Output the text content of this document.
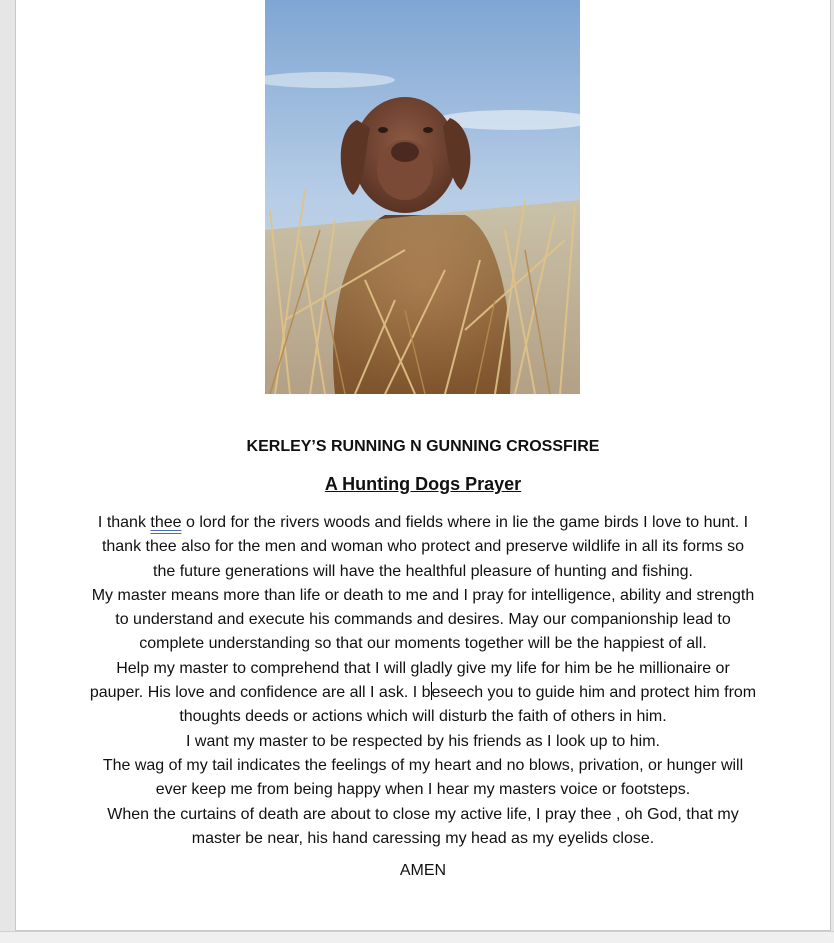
KERLEY’S RUNNING N GUNNING CROSSFIRE
A Hunting Dogs Prayer
I thank thee o lord for the rivers woods and fields where in lie the game birds I love to hunt. I
thank thee also for the men and woman who protect and preserve wildlife in all its forms so
the future generations will have the healthful pleasure of hunting and fishing.
My master means more than life or death to me and I pray for intelligence, ability and strength
to understand and execute his commands and desires. May our companionship lead to
complete understanding so that our moments together will be the happiest of all.
Help my master to comprehend that I will gladly give my life for him be he millionaire or
pauper. His love and confidence are all I ask. I beseech you to guide him and protect him from
thoughts deeds or actions which will disturb the faith of others in him.
I want my master to be respected by his friends as I look up to him.
The wag of my tail indicates the feelings of my heart and no blows, privation, or hunger will
ever keep me from being happy when I hear my masters voice or footsteps.
When the curtains of death are about to close my active life, I pray thee , oh God, that my
master be near, his hand caressing my head as my eyelids close.
AMEN
